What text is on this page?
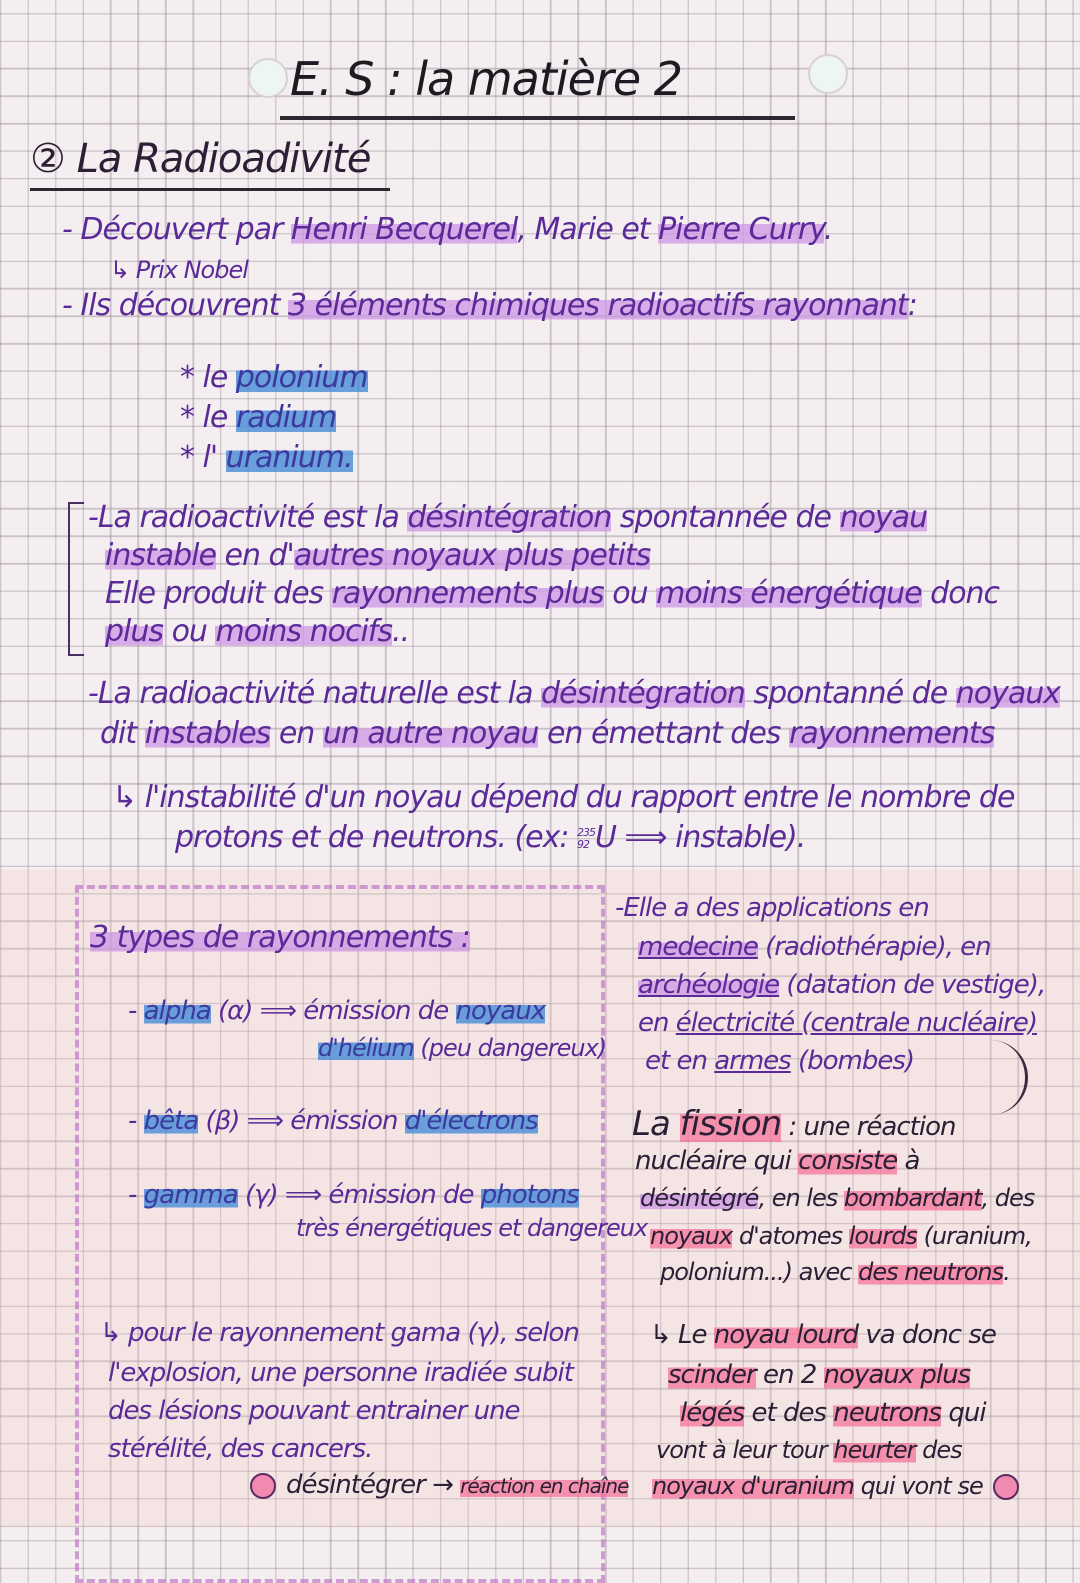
E. S : la matière 2
② La Radioadivité
- Découvert par Henri Becquerel, Marie et Pierre Curry.
↳ Prix Nobel
- Ils découvrent 3 éléments chimiques radioactifs rayonnant:
* le polonium
* le radium
* l' uranium.
-La radioactivité est la désintégration spontannée de noyau
instable en d'autres noyaux plus petits
Elle produit des rayonnements plus ou moins énergétique donc
plus ou moins nocifs..
-La radioactivité naturelle est la désintégration spontanné de noyaux
dit instables en un autre noyau en émettant des rayonnements
↳ l'instabilité d'un noyau dépend du rapport entre le nombre de
protons et de neutrons. (ex: 235
92 U ⟹ instable).
3 types de rayonnements :
- alpha (α) ⟹ émission de noyaux
d'hélium (peu dangereux)
- bêta (β) ⟹ émission d'électrons
- gamma (γ) ⟹ émission de photons
très énergétiques et dangereux
↳ pour le rayonnement gama (γ), selon
l'explosion, une personne iradiée subit
des lésions pouvant entrainer une
stérélité, des cancers.
désintégrer → réaction en chaîne
-Elle a des applications en
medecine (radiothérapie), en
archéologie (datation de vestige),
en électricité (centrale nucléaire)
et en armes (bombes)
La fission : une réaction
nucléaire qui consiste à
désintégré, en les bombardant, des
noyaux d'atomes lourds (uranium,
polonium...) avec des neutrons.
↳ Le noyau lourd va donc se
scinder en 2 noyaux plus
légés et des neutrons qui
vont à leur tour heurter des
noyaux d'uranium qui vont se
